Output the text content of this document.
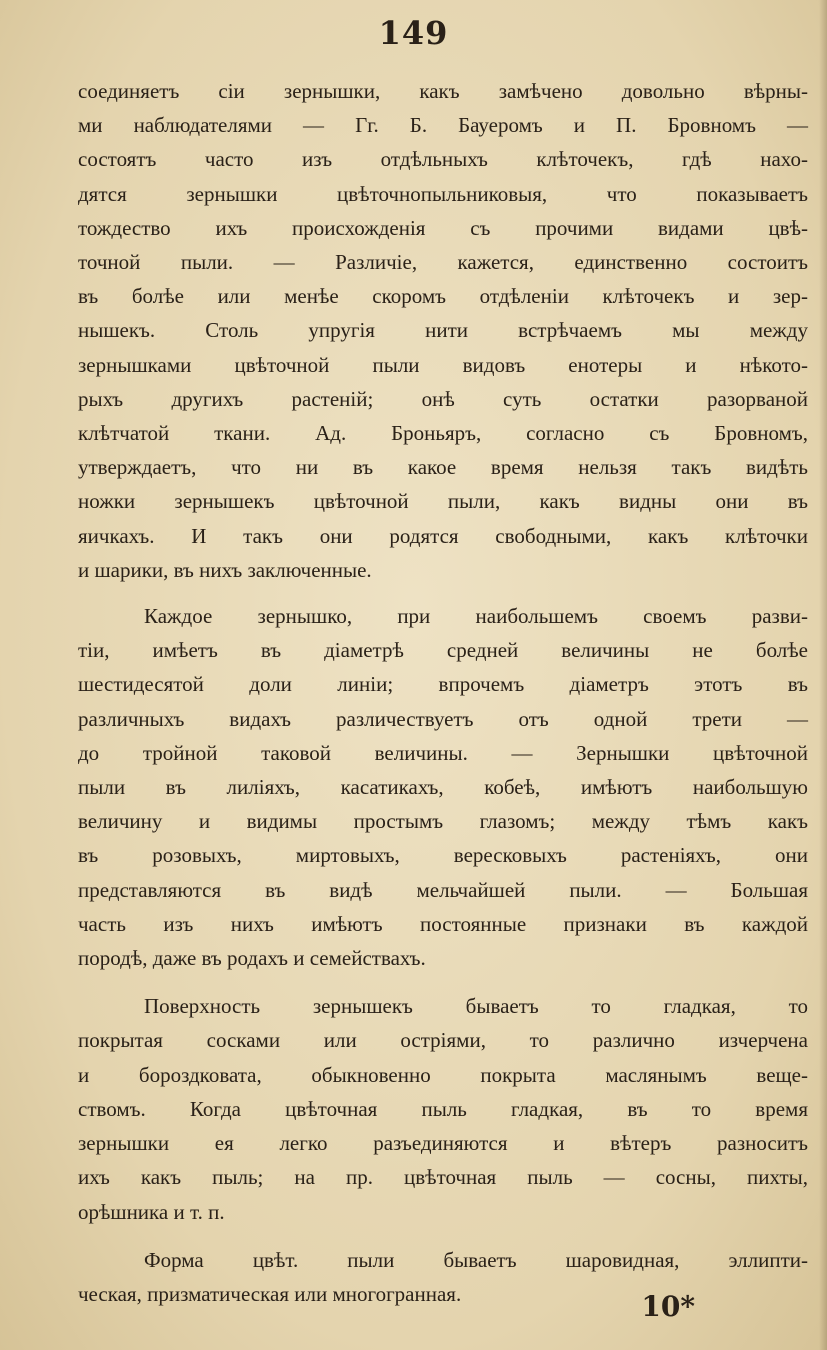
149
соединяетъ сіи зернышки, какъ замѣчено довольно вѣрны-
ми наблюдателями — Гг. Б. Бауеромъ и П. Бровномъ —
состоятъ часто изъ отдѣльныхъ клѣточекъ, гдѣ нахо-
дятся зернышки цвѣточнопыльниковыя, что показываетъ
тождество ихъ происхожденія съ прочими видами цвѣ-
точной пыли. — Различіе, кажется, единственно состоитъ
въ болѣе или менѣе скоромъ отдѣленіи клѣточекъ и зер-
нышекъ. Столь упругія нити встрѣчаемъ мы между
зернышками цвѣточной пыли видовъ енотеры и нѣкото-
рыхъ другихъ растеній; онѣ суть остатки разорваной
клѣтчатой ткани. Ад. Броньяръ, согласно съ Бровномъ,
утверждаетъ, что ни въ какое время нельзя такъ видѣть
ножки зернышекъ цвѣточной пыли, какъ видны они въ
яичкахъ. И такъ они родятся свободными, какъ клѣточки
и шарики, въ нихъ заключенные.
Каждое зернышко, при наибольшемъ своемъ разви-
тіи, имѣетъ въ діаметрѣ средней величины не болѣе
шестидесятой доли линіи; впрочемъ діаметръ этотъ въ
различныхъ видахъ различествуетъ отъ одной трети —
до тройной таковой величины. — Зернышки цвѣточной
пыли въ лиліяхъ, касатикахъ, кобеѣ, имѣютъ наибольшую
величину и видимы простымъ глазомъ; между тѣмъ какъ
въ розовыхъ, миртовыхъ, вересковыхъ растеніяхъ, они
представляются въ видѣ мельчайшей пыли. — Большая
часть изъ нихъ имѣютъ постоянные признаки въ каждой
породѣ, даже въ родахъ и семействахъ.
Поверхность зернышекъ бываетъ то гладкая, то
покрытая сосками или остріями, то различно изчерчена
и бороздковата, обыкновенно покрыта маслянымъ веще-
ствомъ. Когда цвѣточная пыль гладкая, въ то время
зернышки ея легко разъединяются и вѣтеръ разноситъ
ихъ какъ пыль; на пр. цвѣточная пыль — сосны, пихты,
орѣшника и т. п.
Форма цвѣт. пыли бываетъ шаровидная, эллипти-
ческая, призматическая или многогранная.	10*
